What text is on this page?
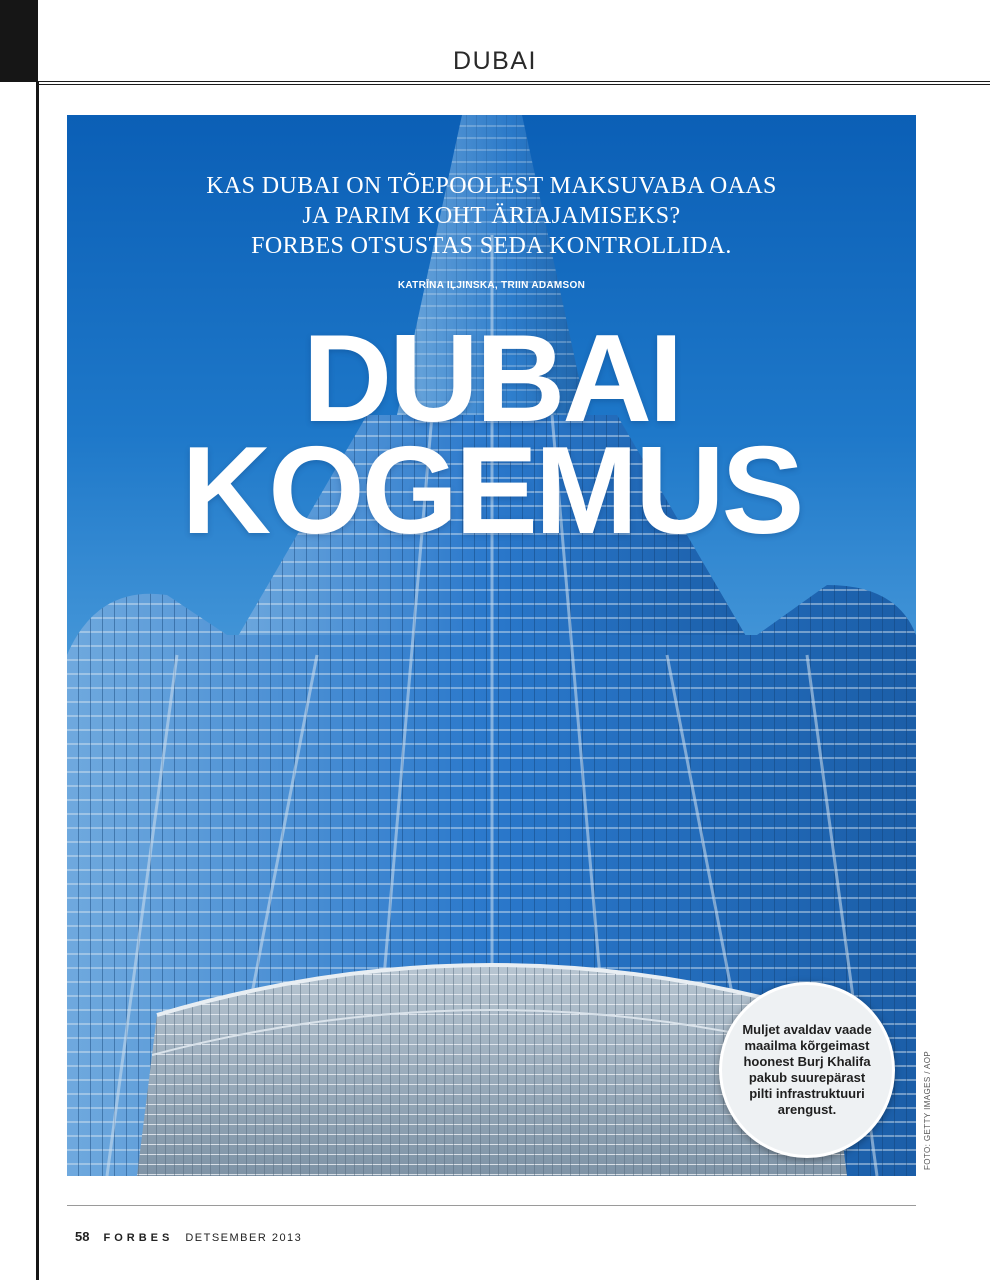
DUBAI

KAS DUBAI ON TÕEPOOLEST MAKSUVABA OAAS
JA PARIM KOHT ÄRIAJAMISEKS?
FORBES OTSUSTAS SEDA KONTROLLIDA.

KATRĪNA IĻJINSKA, TRIIN ADAMSON
DUBAI
KOGEMUS

Muljet avaldav vaade maailma kõrgeimast hoonest Burj Khalifa pakub suurepärast pilti infrastruktuuri arengust.	FOTO: GETTY IMAGES / AOP
58 FORBES DETSEMBER 2013
